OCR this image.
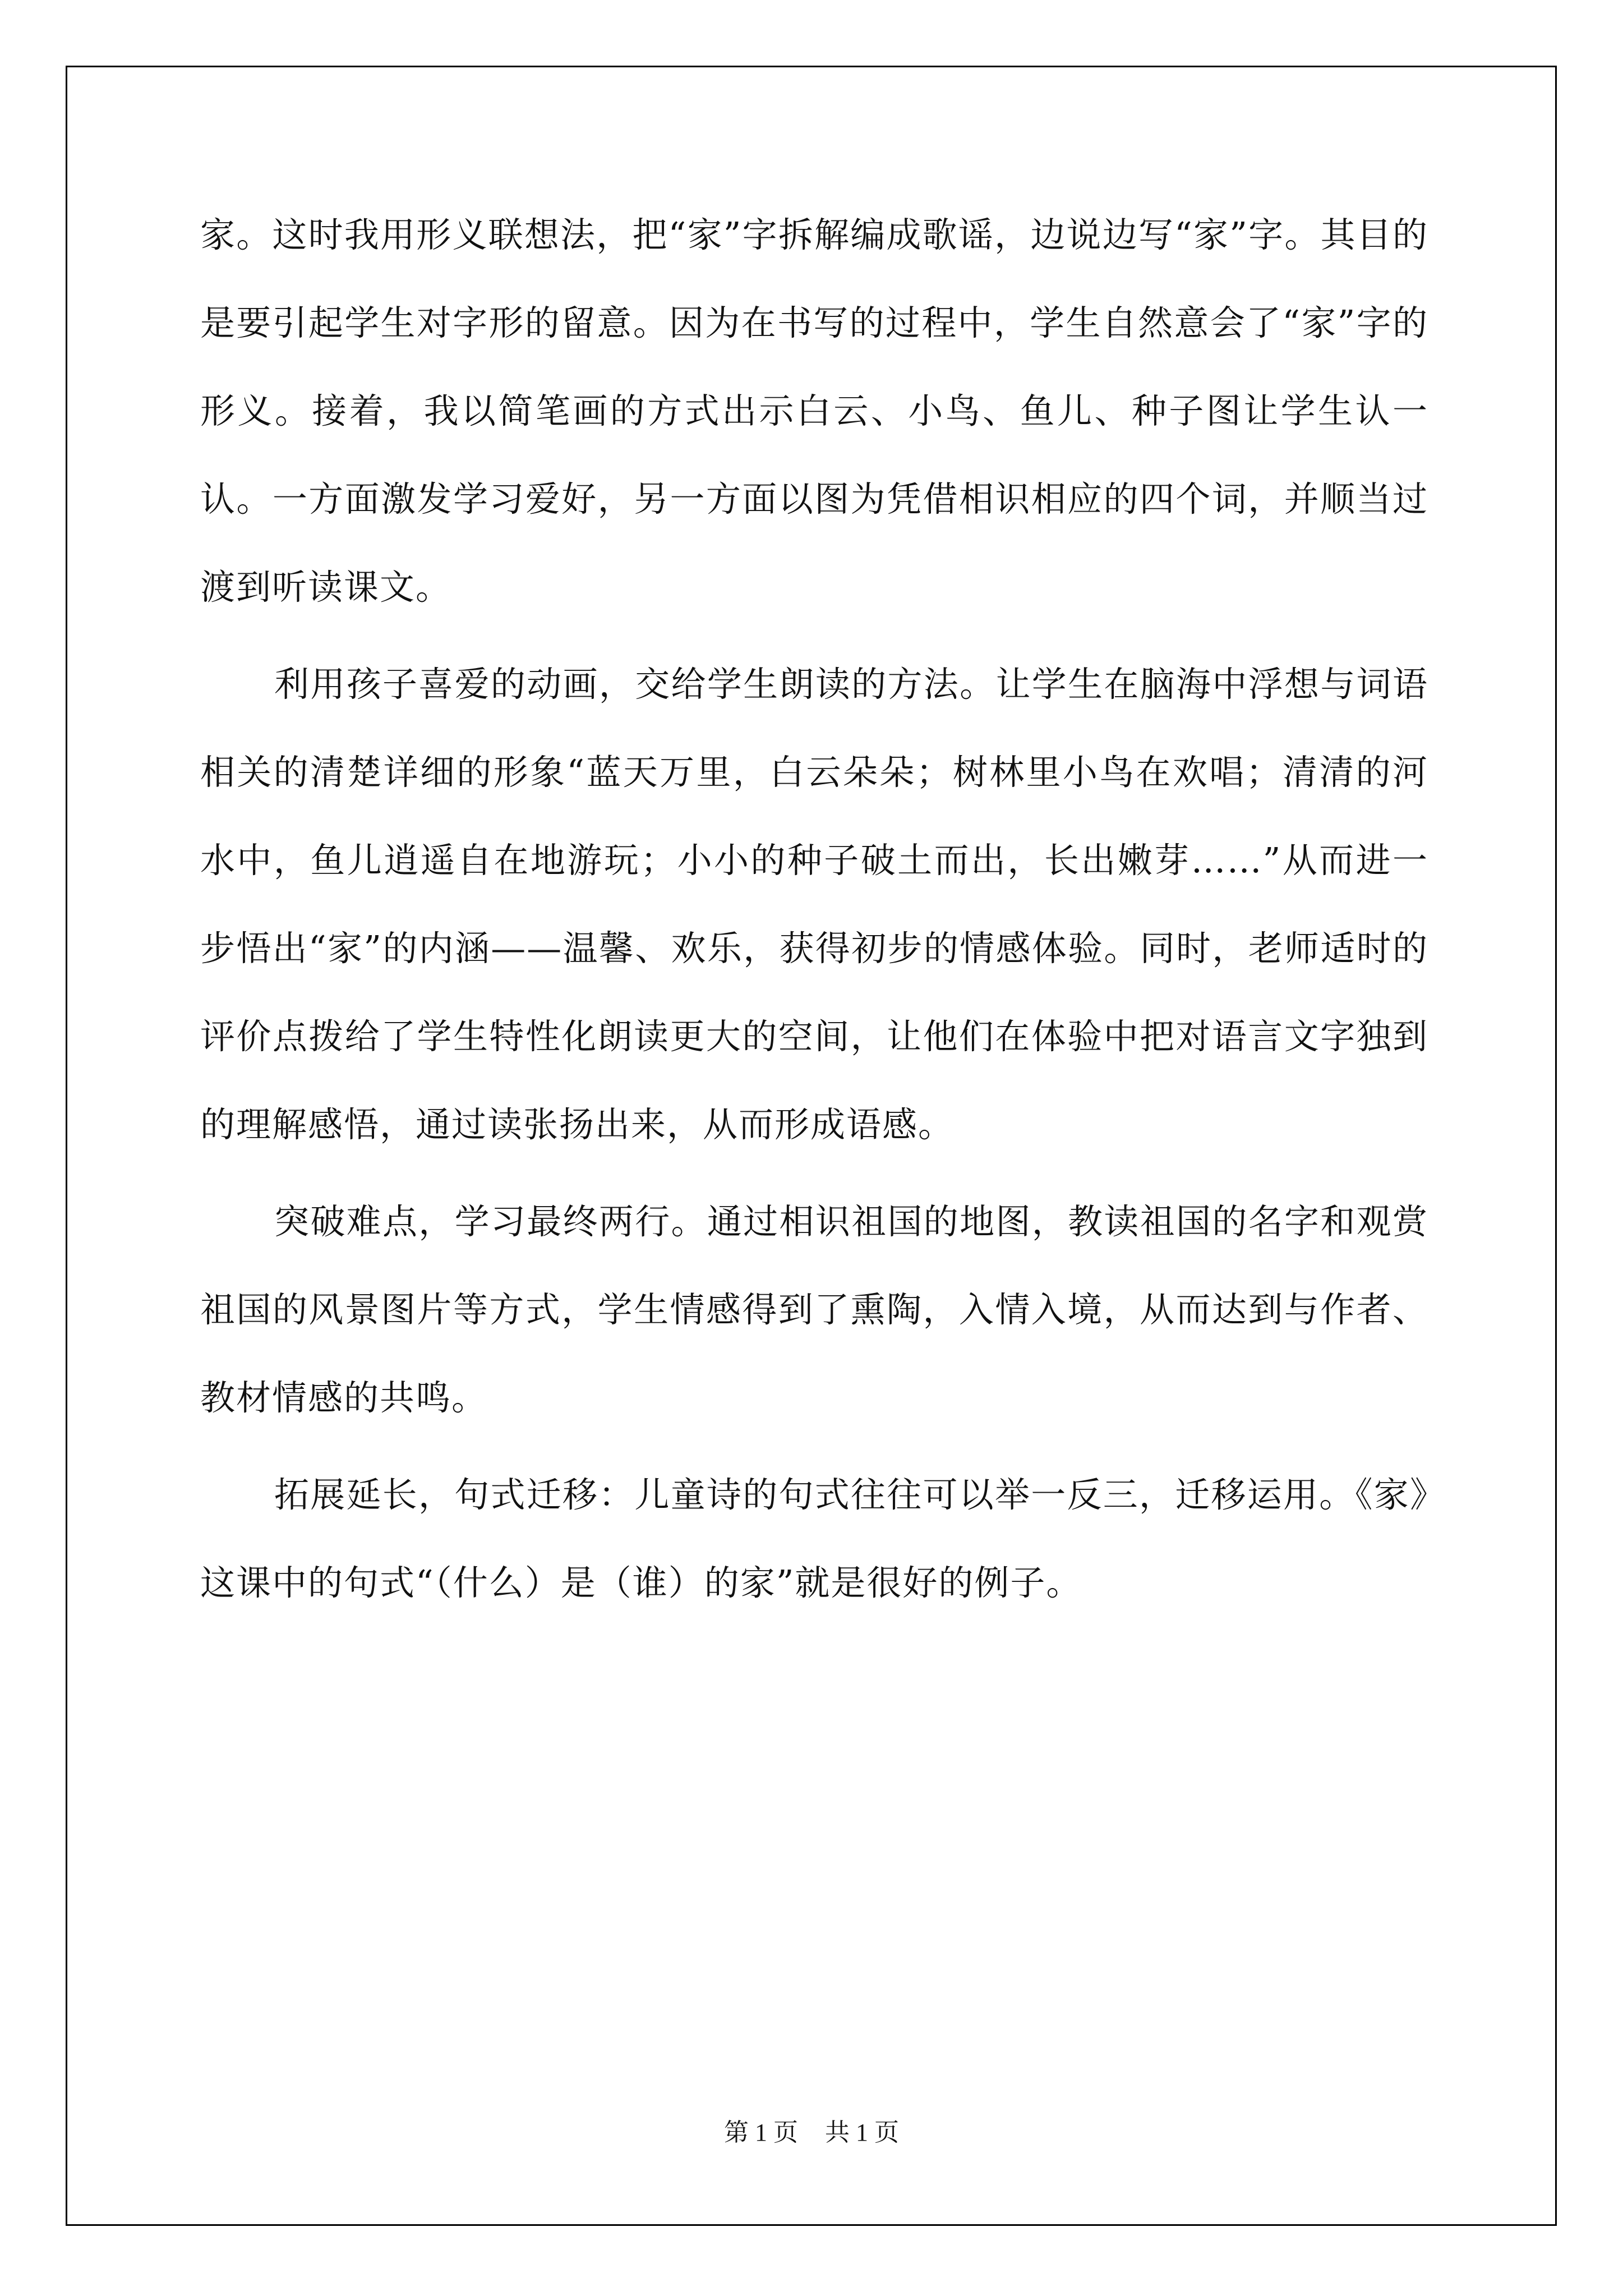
家。这时我用形义联想法，把“家”字拆解编成歌谣，边说边写“家”字。其目的是要引起学生对字形的留意。因为在书写的过程中，学生自然意会了“家”字的形义。接着，我以简笔画的方式出示白云、小鸟、鱼儿、种子图让学生认一认。一方面激发学习爱好，另一方面以图为凭借相识相应的四个词，并顺当过渡到听读课文。

利用孩子喜爱的动画，交给学生朗读的方法。让学生在脑海中浮想与词语相关的清楚详细的形象“蓝天万里，白云朵朵；树林里小鸟在欢唱；清清的河水中，鱼儿逍遥自在地游玩；小小的种子破土而出，长出嫩芽……”从而进一步悟出“家”的内涵——温馨、欢乐，获得初步的情感体验。同时，老师适时的评价点拨给了学生特性化朗读更大的空间，让他们在体验中把对语言文字独到的理解感悟，通过读张扬出来，从而形成语感。

突破难点，学习最终两行。通过相识祖国的地图，教读祖国的名字和观赏祖国的风景图片等方式，学生情感得到了熏陶，入情入境，从而达到与作者、教材情感的共鸣。

拓展延长，句式迁移：儿童诗的句式往往可以举一反三，迁移运用。《家》这课中的句式“（什么）是（谁）的家”就是很好的例子。

第 1 页 共 1 页
